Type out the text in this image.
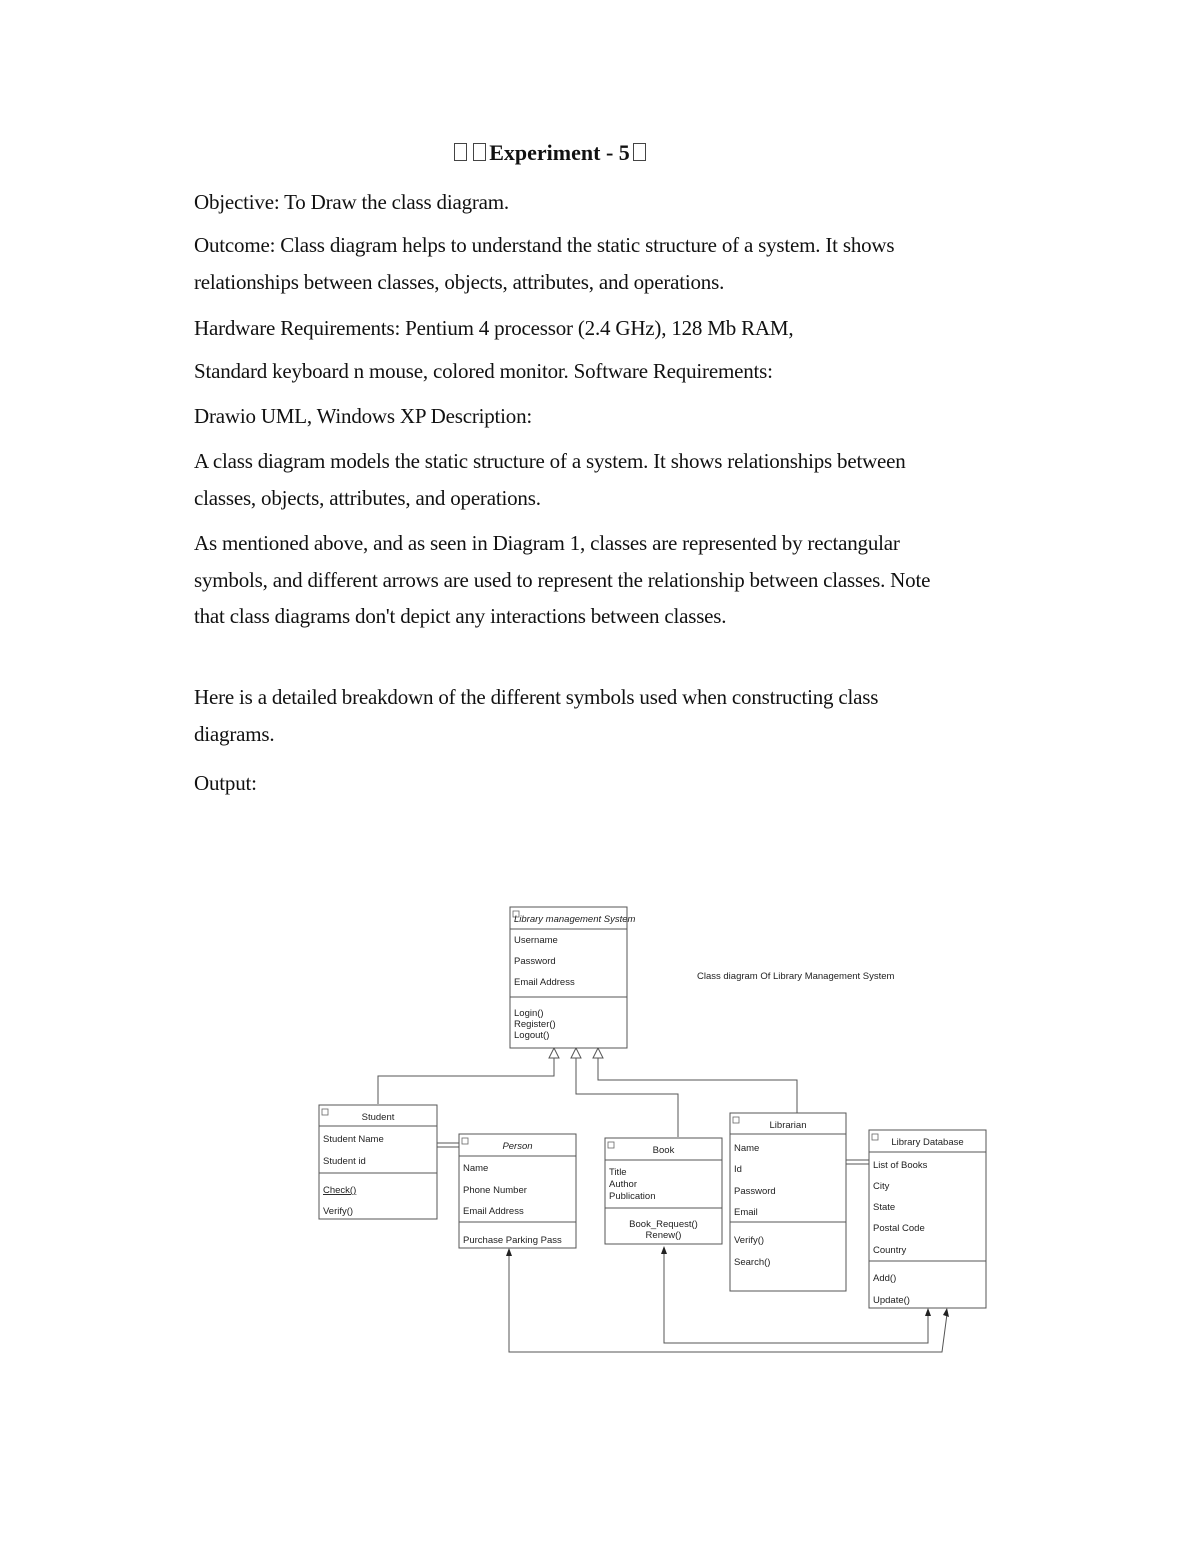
Experiment - 5
Objective: To Draw the class diagram.
Outcome: Class diagram helps to understand the static structure of a system. It shows relationships between classes, objects, attributes, and operations.
Hardware Requirements: Pentium 4 processor (2.4 GHz), 128 Mb RAM,
Standard keyboard n mouse, colored monitor. Software Requirements:
Drawio UML, Windows XP Description:
A class diagram models the static structure of a system. It shows relationships between classes, objects, attributes, and operations.
As mentioned above, and as seen in Diagram 1, classes are represented by rectangular symbols, and different arrows are used to represent the relationship between classes. Note that class diagrams don't depict any interactions between classes.
Here is a detailed breakdown of the different symbols used when constructing class diagrams.
Output:
Class diagram Of Library Management System
Library management System
Username
Password
Email Address
Login()
Register()
Logout()
Student
Student Name
Student id
Check()
Verify()
Person
Name
Phone Number
Email Address
Purchase Parking Pass
Book
Title
Author
Publication
Book_Request()
Renew()
Librarian
Name
Id
Password
Email
Verify()
Search()
Library Database
List of Books
City
State
Postal Code
Country
Add()
Update()
